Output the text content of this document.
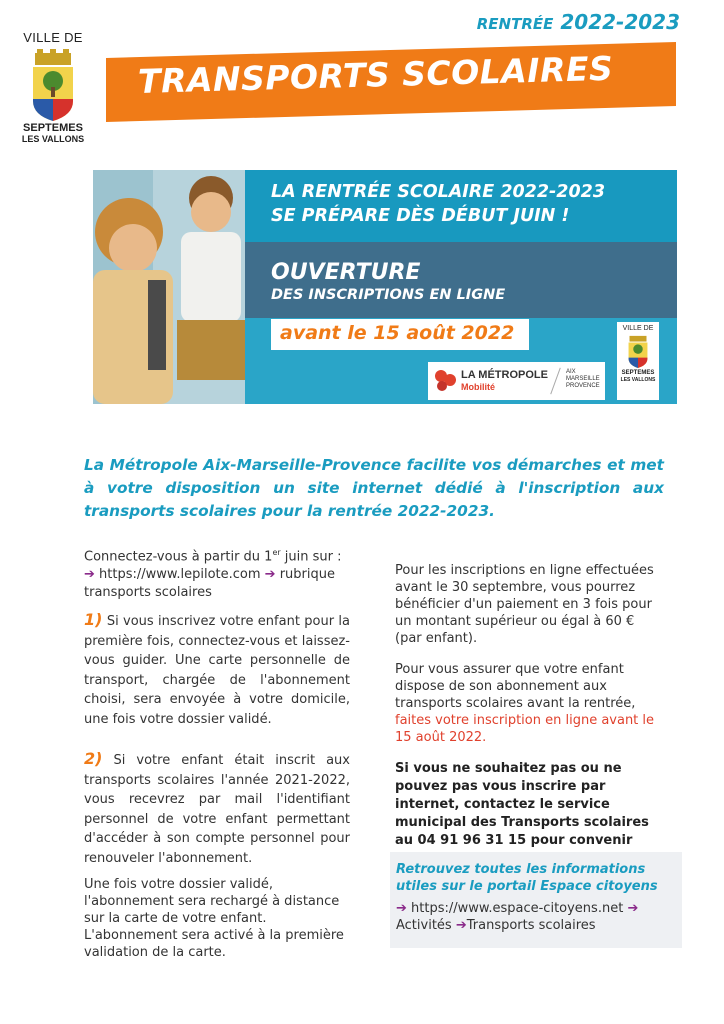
VILLE DE
SEPTEMES
LES VALLONS
RENTRÉE 2022-2023
TRANSPORTS SCOLAIRES
LA RENTRÉE SCOLAIRE 2022-2023
SE PRÉPARE DÈS DÉBUT JUIN !
OUVERTURE
DES INSCRIPTIONS EN LIGNE
avant le 15 août 2022
LA MÉTROPOLE
Mobilité
AIX
MARSEILLE
PROVENCE
VILLE DE
SEPTEMES
LES VALLONS
La Métropole Aix-Marseille-Provence facilite vos démarches et met à votre disposition un site internet dédié à l'inscription aux transports scolaires pour la rentrée 2022-2023.

Connectez-vous à partir du 1er juin sur :
➔ https://www.lepilote.com ➔ rubrique transports scolaires

1) Si vous inscrivez votre enfant pour la première fois, connectez-vous et laissez-vous guider. Une carte personnelle de transport, chargée de l'abonnement choisi, sera envoyée à votre domicile, une fois votre dossier validé.

2) Si votre enfant était inscrit aux transports scolaires l'année 2021-2022, vous recevrez par mail l'identifiant personnel de votre enfant permettant d'accéder à son compte personnel pour renouveler l'abonnement.

Une fois votre dossier validé, l'abonnement sera rechargé à distance sur la carte de votre enfant. L'abonnement sera activé à la première validation de la carte.

Pour les inscriptions en ligne effectuées avant le 30 septembre, vous pourrez bénéficier d'un paiement en 3 fois pour un montant supérieur ou égal à 60 € (par enfant).

Pour vous assurer que votre enfant dispose de son abonnement aux transports scolaires avant la rentrée, faites votre inscription en ligne avant le 15 août 2022.

Si vous ne souhaitez pas ou ne pouvez pas vous inscrire par internet, contactez le service municipal des Transports scolaires au 04 91 96 31 15 pour convenir

Retrouvez toutes les informations utiles sur le portail Espace citoyens
➔ https://www.espace-citoyens.net ➔
Activités ➔Transports scolaires
